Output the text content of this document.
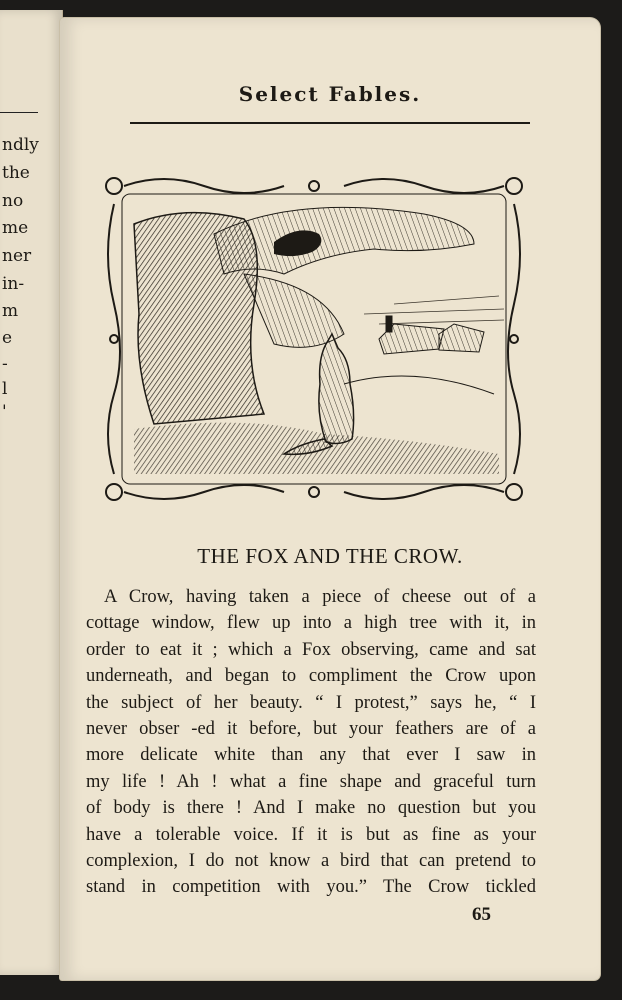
ndly
the
no
me
ner
in-
m
e
-
l
'
Select Fables.
THE FOX AND THE CROW.
A Crow, having taken a piece of cheese out of a
cottage window, flew up into a high tree with it, in
order to eat it ; which a Fox observing, came and sat
underneath, and began to compliment the Crow upon
the subject of her beauty. “ I protest,” says he, “ I
never obser -ed it before, but your feathers are of a
more delicate white than any that ever I saw in
my life ! Ah ! what a fine shape and graceful turn
of body is there ! And I make no question but you
have a tolerable voice. If it is but as fine as your
complexion, I do not know a bird that can pretend to
stand in competition with you.” The Crow tickled
65
